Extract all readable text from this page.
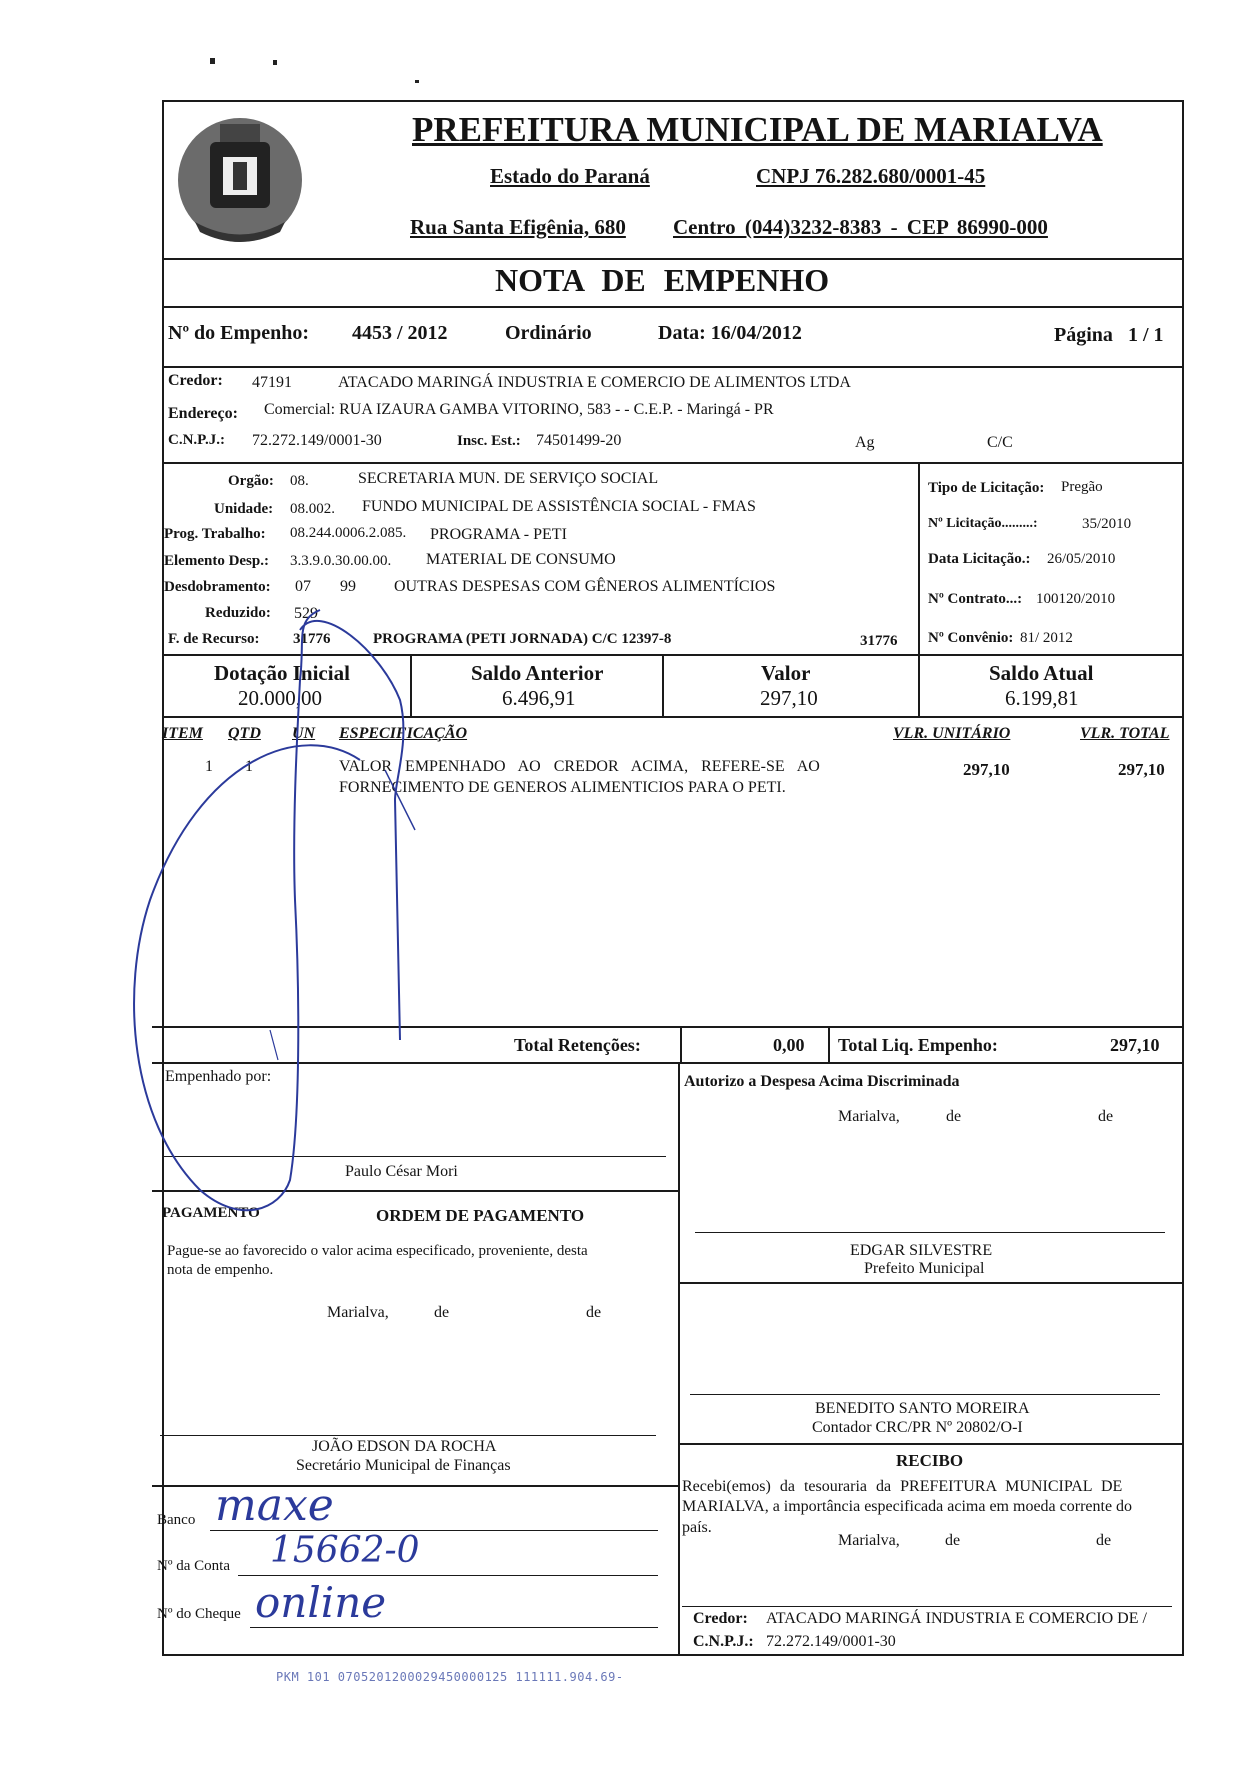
PREFEITURA MUNICIPAL DE MARIALVA
Estado do Paraná	CNPJ 76.282.680/0001-45
Rua Santa Efigênia, 680 Centro (044)3232-8383 - CEP 86990-000
NOTA DE EMPENHO
Nº do Empenho: 4453 / 2012	Ordinário	Data: 16/04/2012	Página 1 / 1
Credor: 47191	ATACADO MARINGÁ INDUSTRIA E COMERCIO DE ALIMENTOS LTDA
Endereço: Comercial: RUA IZAURA GAMBA VITORINO, 583 - - C.E.P. - Maringá - PR
C.N.P.J.: 72.272.149/0001-30	Insc. Est.: 74501499-20	Ag	C/C
Orgão: 08.	SECRETARIA MUN. DE SERVIÇO SOCIAL
Unidade: 08.002. FUNDO MUNICIPAL DE ASSISTÊNCIA SOCIAL - FMAS
Prog. Trabalho: 08.244.0006.2.085. PROGRAMA - PETI
Elemento Desp.: 3.3.9.0.30.00.00. MATERIAL DE CONSUMO
Desdobramento: 07 99 OUTRAS DESPESAS COM GÊNEROS ALIMENTÍCIOS
Reduzido: 529
F. de Recurso: 31776	PROGRAMA (PETI JORNADA) C/C 12397-8	31776
Tipo de Licitação: Pregão
Nº Licitação.........:	35/2010
Data Licitação.: 26/05/2010
Nº Contrato...: 100120/2010
Nº Convênio: 81/ 2012
Dotação Inicial
20.000,00
Saldo Anterior
6.496,91
Valor
297,10
Saldo Atual
6.199,81
ITEM QTD UN ESPECIFICAÇÃO	VLR. UNITÁRIO	VLR. TOTAL
1 1	VALOR EMPENHADO AO CREDOR ACIMA, REFERE-SE AO
FORNECIMENTO DE GENEROS ALIMENTICIOS PARA O PETI.
297,10	297,10
Total Retenções:	0,00 Total Liq. Empenho:	297,10
Empenhado por:
Paulo César Mori
Autorizo a Despesa Acima Discriminada
Marialva,	de	de
EDGAR SILVESTRE
Prefeito Municipal
PAGAMENTO	ORDEM DE PAGAMENTO
Pague-se ao favorecido o valor acima especificado, proveniente, desta
nota de empenho.
Marialva,	de	de
JOÃO EDSON DA ROCHA
Secretário Municipal de Finanças
BENEDITO SANTO MOREIRA
Contador CRC/PR Nº 20802/O-I
RECIBO
Recebi(emos) da tesouraria da PREFEITURA MUNICIPAL DE
MARIALVA, a importância especificada acima em moeda corrente do
país.
Marialva,	de	de
Credor: ATACADO MARINGÁ INDUSTRIA E COMERCIO DE /
C.N.P.J.: 72.272.149/0001-30
Banco maxe
Nº da Conta 15662-0
Nº do Cheque online
PKM 101 0705201200029450000125 111111.904.69-
